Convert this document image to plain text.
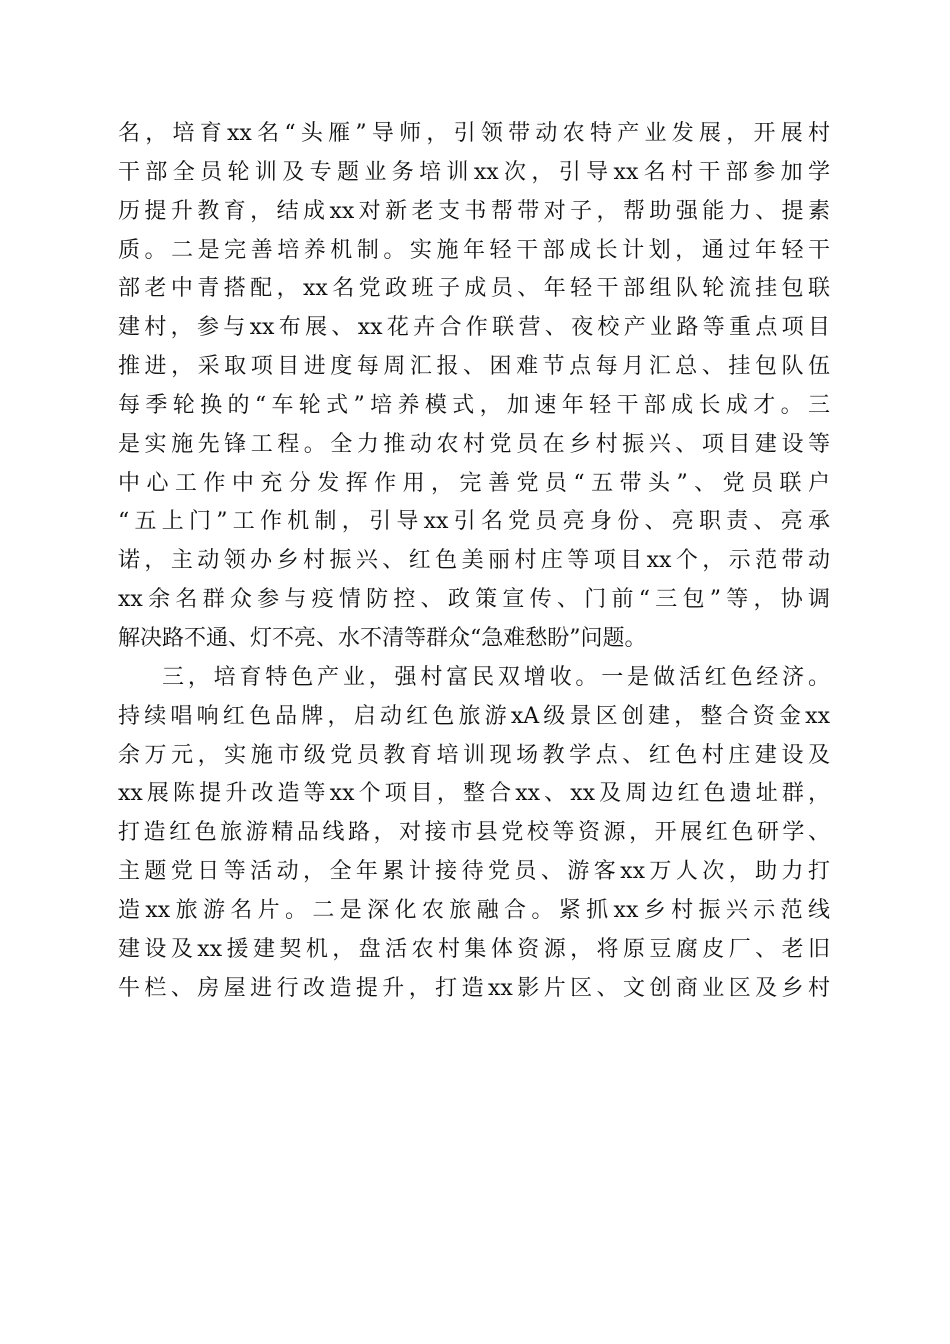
名，培育xx名“头雁”导师，引领带动农特产业发展，开展村
干部全员轮训及专题业务培训xx次，引导xx名村干部参加学
历提升教育，结成xx对新老支书帮带对子，帮助强能力、提素
质。二是完善培养机制。实施年轻干部成长计划，通过年轻干
部老中青搭配，xx名党政班子成员、年轻干部组队轮流挂包联
建村，参与xx布展、xx花卉合作联营、夜校产业路等重点项目
推进，采取项目进度每周汇报、困难节点每月汇总、挂包队伍
每季轮换的“车轮式”培养模式，加速年轻干部成长成才。三
是实施先锋工程。全力推动农村党员在乡村振兴、项目建设等
中心工作中充分发挥作用，完善党员“五带头”、党员联户
“五上门”工作机制，引导xx引名党员亮身份、亮职责、亮承
诺，主动领办乡村振兴、红色美丽村庄等项目xx个，示范带动
xx余名群众参与疫情防控、政策宣传、门前“三包”等，协调
解决路不通、灯不亮、水不清等群众“急难愁盼”问题。
三，培育特色产业，强村富民双增收。一是做活红色经济。
持续唱响红色品牌，启动红色旅游xA级景区创建，整合资金xx
余万元，实施市级党员教育培训现场教学点、红色村庄建设及
xx展陈提升改造等xx个项目，整合xx、xx及周边红色遗址群，
打造红色旅游精品线路，对接市县党校等资源，开展红色研学、
主题党日等活动，全年累计接待党员、游客xx万人次，助力打
造xx旅游名片。二是深化农旅融合。紧抓xx乡村振兴示范线
建设及xx援建契机，盘活农村集体资源，将原豆腐皮厂、老旧
牛栏、房屋进行改造提升，打造xx影片区、文创商业区及乡村
